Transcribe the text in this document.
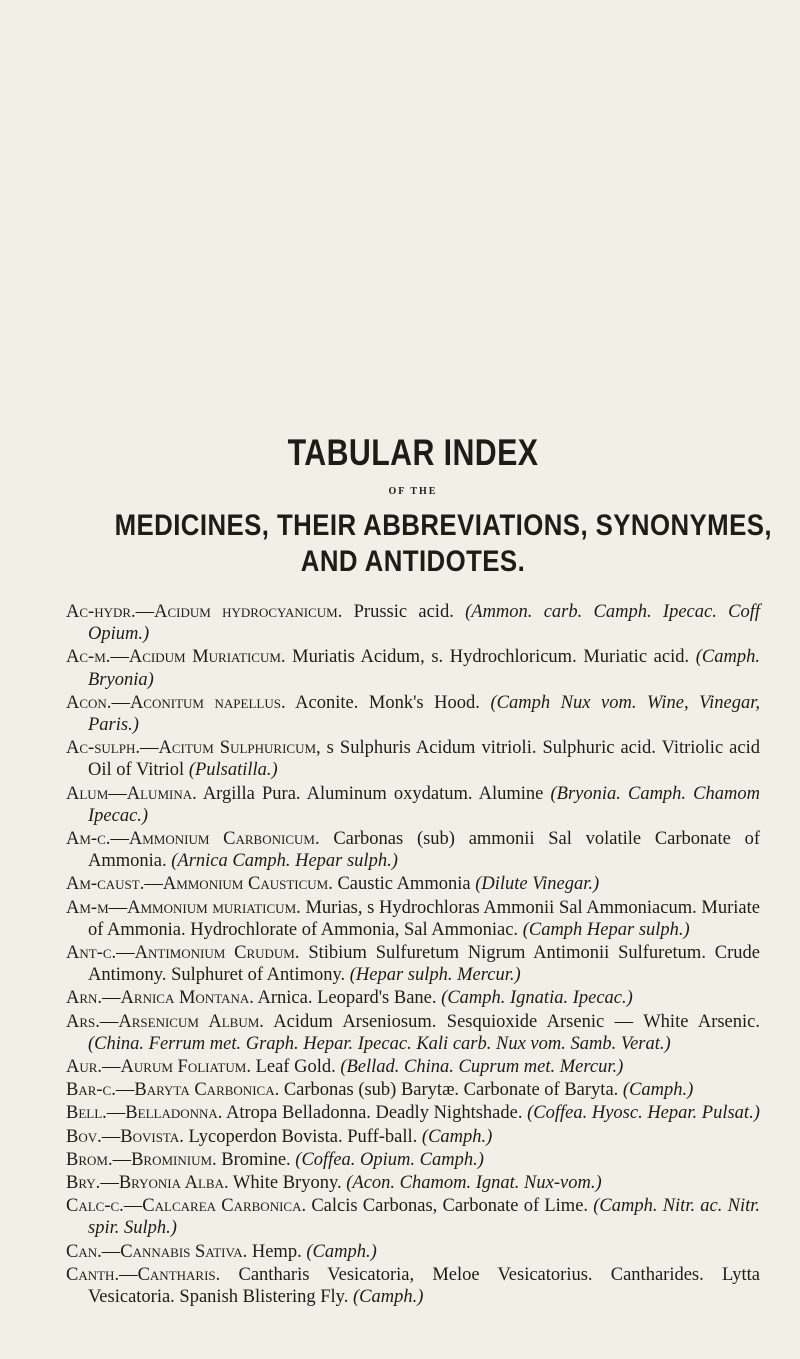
TABULAR INDEX
OF THE
MEDICINES, THEIR ABBREVIATIONS, SYNONYMES,
AND ANTIDOTES.

Ac-hydr.—Acidum hydrocyanicum. Prussic acid. (Ammon. carb. Camph. Ipecac. Coff Opium.)

Ac-m.—Acidum Muriaticum. Muriatis Acidum, s. Hydrochloricum. Muriatic acid. (Camph. Bryonia)

Acon.—Aconitum napellus. Aconite. Monk's Hood. (Camph Nux vom. Wine, Vinegar, Paris.)

Ac-sulph.—Acitum Sulphuricum, s Sulphuris Acidum vitrioli. Sulphuric acid. Vitriolic acid Oil of Vitriol (Pulsatilla.)

Alum—Alumina. Argilla Pura. Aluminum oxydatum. Alumine (Bryonia. Camph. Chamom Ipecac.)

Am-c.—Ammonium Carbonicum. Carbonas (sub) ammonii Sal volatile Carbonate of Ammonia. (Arnica Camph. Hepar sulph.)

Am-caust.—Ammonium Causticum. Caustic Ammonia (Dilute Vinegar.)

Am-m—Ammonium muriaticum. Murias, s Hydrochloras Ammonii Sal Ammoniacum. Muriate of Ammonia. Hydrochlorate of Ammonia, Sal Ammoniac. (Camph Hepar sulph.)

Ant-c.—Antimonium Crudum. Stibium Sulfuretum Nigrum Antimonii Sulfuretum. Crude Antimony. Sulphuret of Antimony. (Hepar sulph. Mercur.)

Arn.—Arnica Montana. Arnica. Leopard's Bane. (Camph. Ignatia. Ipecac.)

Ars.—Arsenicum Album. Acidum Arseniosum. Sesquioxide Arsenic — White Arsenic. (China. Ferrum met. Graph. Hepar. Ipecac. Kali carb. Nux vom. Samb. Verat.)

Aur.—Aurum Foliatum. Leaf Gold. (Bellad. China. Cuprum met. Mercur.)

Bar-c.—Baryta Carbonica. Carbonas (sub) Barytæ. Carbonate of Baryta. (Camph.)

Bell.—Belladonna. Atropa Belladonna. Deadly Nightshade. (Coffea. Hyosc. Hepar. Pulsat.)

Bov.—Bovista. Lycoperdon Bovista. Puff-ball. (Camph.)

Brom.—Brominium. Bromine. (Coffea. Opium. Camph.)

Bry.—Bryonia Alba. White Bryony. (Acon. Chamom. Ignat. Nux-vom.)

Calc-c.—Calcarea Carbonica. Calcis Carbonas, Carbonate of Lime. (Camph. Nitr. ac. Nitr. spir. Sulph.)

Can.—Cannabis Sativa. Hemp. (Camph.)

Canth.—Cantharis. Cantharis Vesicatoria, Meloe Vesicatorius. Cantharides. Lytta Vesicatoria. Spanish Blistering Fly. (Camph.)
